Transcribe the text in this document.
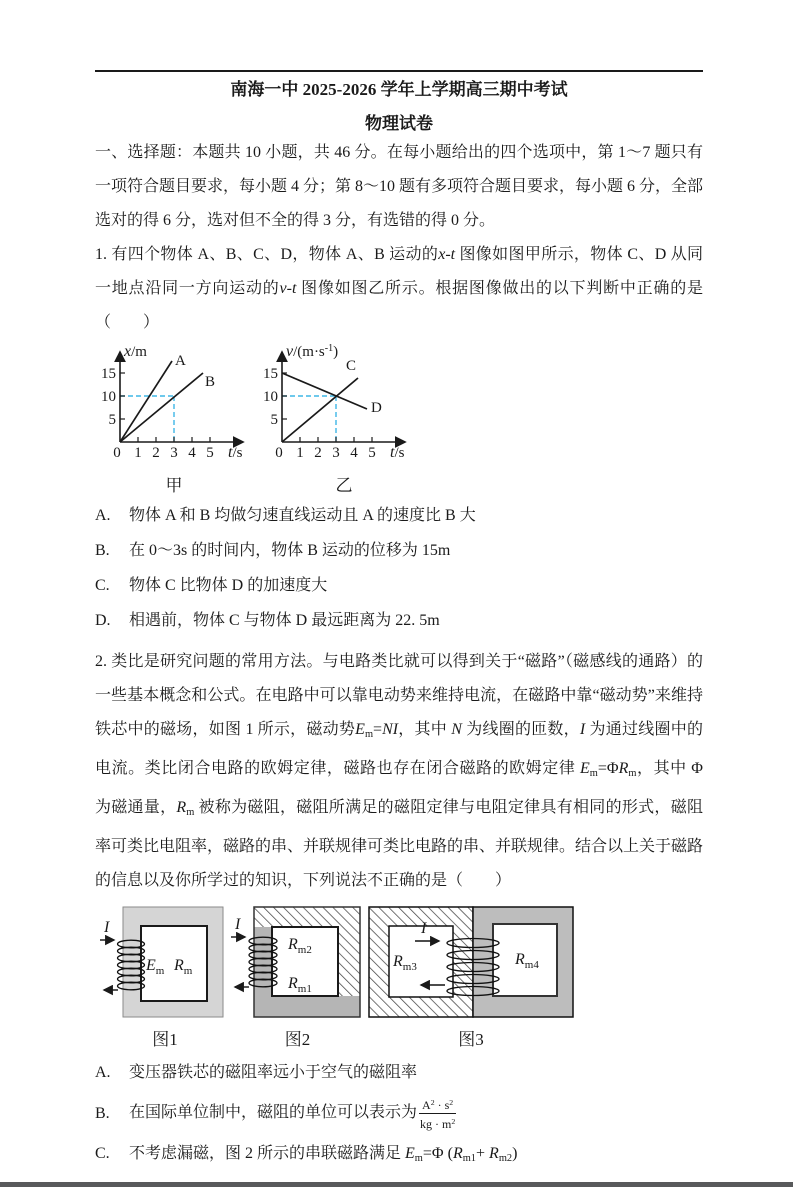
南海一中 2025-2026 学年上学期高三期中考试
物理试卷

一、选择题：本题共 10 小题，共 46 分。在每小题给出的四个选项中，第 1～7 题只有一项符合题目要求，每小题 4 分；第 8～10 题有多项符合题目要求，每小题 6 分，全部选对的得 6 分，选对但不全的得 3 分，有选错的得 0 分。

1. 有四个物体 A、B、C、D，物体 A、B 运动的x-t 图像如图甲所示，物体 C、D 从同一地点沿同一方向运动的v-t 图像如图乙所示。根据图像做出的以下判断中正确的是（　　）

15
10
5
0 1 2 3 4 5
x/m
t/s
A
B
甲
15
10
5
0 1 2 3 4 5
$v/(m\cdot s^{-1})$
t/s
C
D
乙
A.	物体 A 和 B 均做匀速直线运动且 A 的速度比 B 大
B.	在 0～3s 的时间内，物体 B 运动的位移为 15m
C.	物体 C 比物体 D 的加速度大
D.	相遇前，物体 C 与物体 D 最远距离为 22. 5m

2. 类比是研究问题的常用方法。与电路类比就可以得到关于“磁路”（磁感线的通路）的一些基本概念和公式。在电路中可以靠电动势来维持电流，在磁路中靠“磁动势”来维持铁芯中的磁场，如图 1 所示，磁动势$E_m=NI$，其中 N 为线圈的匝数，I 为通过线圈中的电流。类比闭合电路的欧姆定律，磁路也存在闭合磁路的欧姆定律 $E_m=\Phi R_m$，其中 Φ 为磁通量，$R_m$ 被称为磁阻，磁阻所满足的磁阻定律与电阻定律具有相同的形式，磁阻率可类比电阻率，磁路的串、并联规律可类比电路的串、并联规律。结合以上关于磁路的信息以及你所学过的知识，下列说法不正确的是（　　）

I
$E_m$ $R_m$
图1
I
$R_{m2}$
$R_{m1}$
图2
I
$R_{m3}$	$R_{m4}$
图3
A.	变压器铁芯的磁阻率远小于空气的磁阻率
B.	在国际单位制中，磁阻的单位可以表示为 $\frac{A^2 \cdot s^2}{kg \cdot m^2}$
C.	不考虑漏磁，图 2 所示的串联磁路满足 $E_m=\Phi$ $(R_{m1}+ R_{m2})$
